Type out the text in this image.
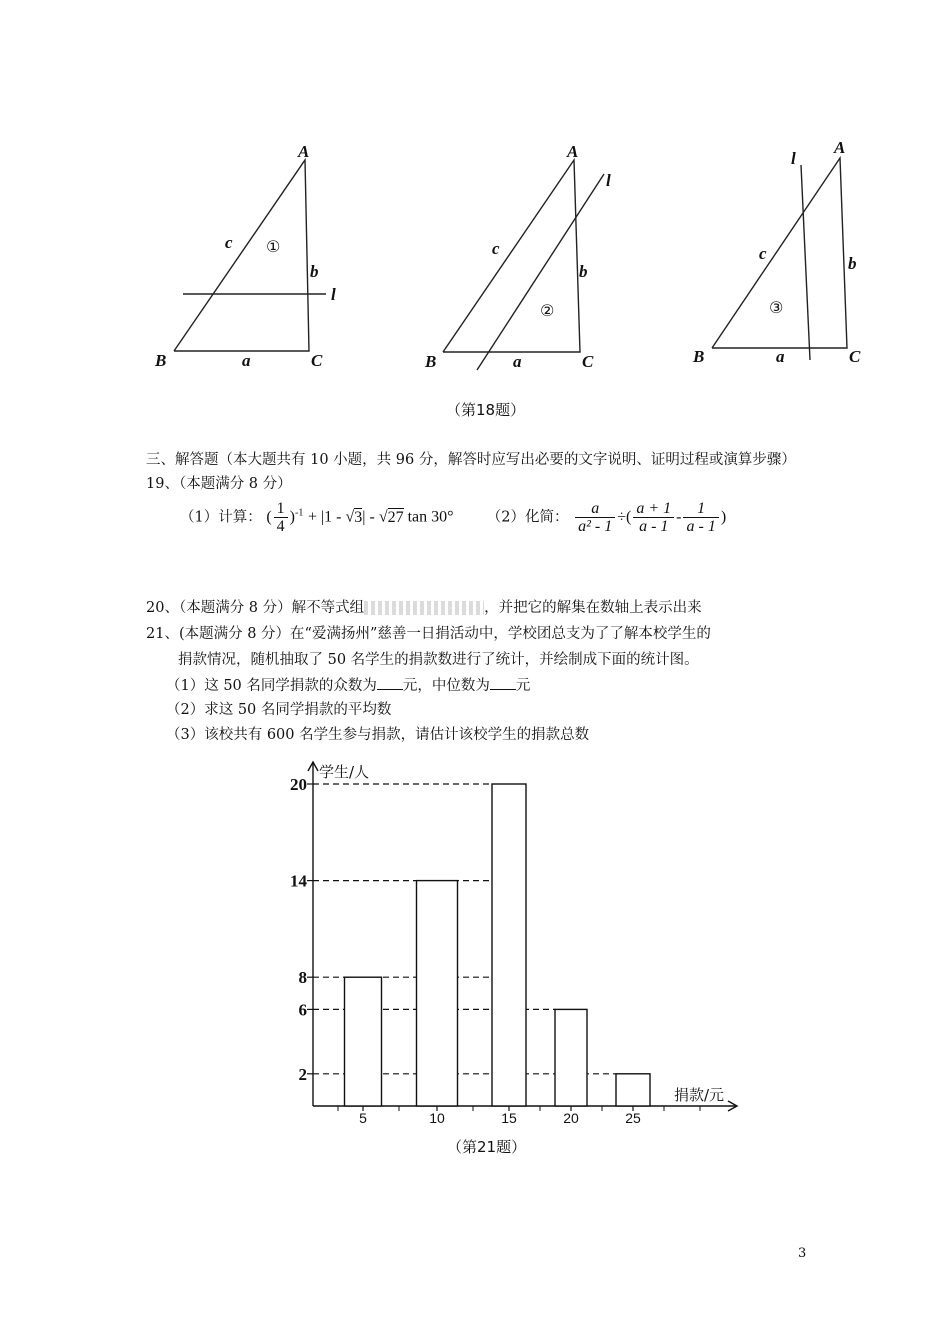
A
B	C
a
b
c
l
A
B	C
a
b
c
l
A
B	C
a
b
c
l
①
②	③
（第18题）
三、解答题（本大题共有 10 小题，共 96 分，解答时应写出必要的文字说明、证明过程或演算步骤）
19、（本题满分 8 分）
（1）计算： ( $\frac{1}{4} )^{-1} + |1 - √3| - √27$ tan 30° （2）化简： $\frac{a}{\text{a² - 1}}$ ÷( $\frac{a + 1}{a - 1} - \frac{1}{a - 1}$ )
20、（本题满分 8 分）解不等式组	，并把它的解集在数轴上表示出来
21、(本题满分 8 分）在“爱满扬州”慈善一日捐活动中，学校团总支为了了解本校学生的
捐款情况，随机抽取了 50 名学生的捐款数进行了统计，并绘制成下面的统计图。
（1）这 50 名同学捐款的众数为 元，中位数为 元
（2）求这 50 名同学捐款的平均数
（3）该校共有 600 名学生参与捐款，请估计该校学生的捐款总数
2
6
8
14
20
5	10	15	20	25
学生/人
捐款/元
（第21题）
3
